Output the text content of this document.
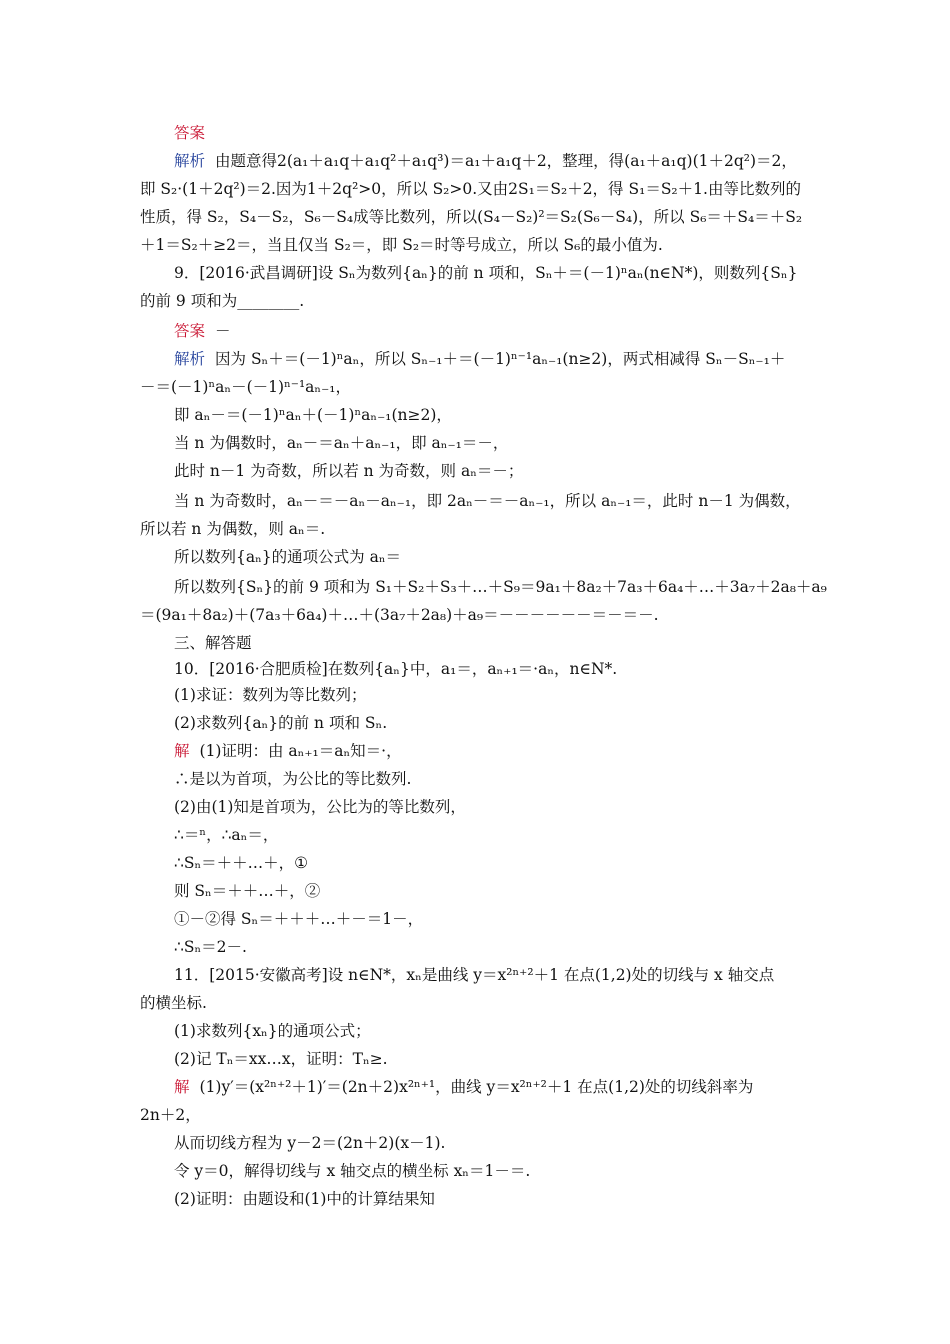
答案
解析 由题意得2(a₁＋a₁q＋a₁q²＋a₁q³)＝a₁＋a₁q＋2，整理，得(a₁＋a₁q)(1＋2q²)＝2，
即 S₂·(1＋2q²)＝2.因为1＋2q²>0，所以 S₂>0.又由2S₁＝S₂＋2，得 S₁＝S₂＋1.由等比数列的
性质，得 S₂，S₄－S₂，S₆－S₄成等比数列，所以(S₄－S₂)²＝S₂(S₆－S₄)，所以 S₆＝＋S₄＝＋S₂
＋1＝S₂＋≥2＝，当且仅当 S₂＝，即 S₂＝时等号成立，所以 S₆的最小值为.
9．[2016·武昌调研]设 Sₙ为数列{aₙ}的前 n 项和，Sₙ＋＝(－1)ⁿaₙ(n∈N*)，则数列{Sₙ}
的前 9 项和为________.
答案 －
解析 因为 Sₙ＋＝(－1)ⁿaₙ，所以 Sₙ₋₁＋＝(－1)ⁿ⁻¹aₙ₋₁(n≥2)，两式相减得 Sₙ－Sₙ₋₁＋
－＝(－1)ⁿaₙ－(－1)ⁿ⁻¹aₙ₋₁，
即 aₙ－＝(－1)ⁿaₙ＋(－1)ⁿaₙ₋₁(n≥2)，
当 n 为偶数时，aₙ－＝aₙ＋aₙ₋₁，即 aₙ₋₁＝－，
此时 n－1 为奇数，所以若 n 为奇数，则 aₙ＝－；
当 n 为奇数时，aₙ－＝－aₙ－aₙ₋₁，即 2aₙ－＝－aₙ₋₁，所以 aₙ₋₁＝，此时 n－1 为偶数，
所以若 n 为偶数，则 aₙ＝.
所以数列{aₙ}的通项公式为 aₙ＝
所以数列{Sₙ}的前 9 项和为 S₁＋S₂＋S₃＋…＋S₉＝9a₁＋8a₂＋7a₃＋6a₄＋…＋3a₇＋2a₈＋a₉
＝(9a₁＋8a₂)＋(7a₃＋6a₄)＋…＋(3a₇＋2a₈)＋a₉＝－－－－－－＝－＝－.
三、解答题
10．[2016·合肥质检]在数列{aₙ}中，a₁＝，aₙ₊₁＝·aₙ，n∈N*.
(1)求证：数列为等比数列；
(2)求数列{aₙ}的前 n 项和 Sₙ.
解 (1)证明：由 aₙ₊₁＝aₙ知＝·，
∴是以为首项，为公比的等比数列.
(2)由(1)知是首项为，公比为的等比数列，
∴＝ⁿ，∴aₙ＝，
∴Sₙ＝＋＋…＋，①
则 Sₙ＝＋＋…＋，②
①－②得 Sₙ＝＋＋＋…＋－＝1－，
∴Sₙ＝2－.
11．[2015·安徽高考]设 n∈N*，xₙ是曲线 y＝x²ⁿ⁺²＋1 在点(1,2)处的切线与 x 轴交点
的横坐标.
(1)求数列{xₙ}的通项公式；
(2)记 Tₙ＝xx…x，证明：Tₙ≥.
解 (1)y′＝(x²ⁿ⁺²＋1)′＝(2n＋2)x²ⁿ⁺¹，曲线 y＝x²ⁿ⁺²＋1 在点(1,2)处的切线斜率为
2n＋2，
从而切线方程为 y－2＝(2n＋2)(x－1).
令 y＝0，解得切线与 x 轴交点的横坐标 xₙ＝1－＝.
(2)证明：由题设和(1)中的计算结果知
